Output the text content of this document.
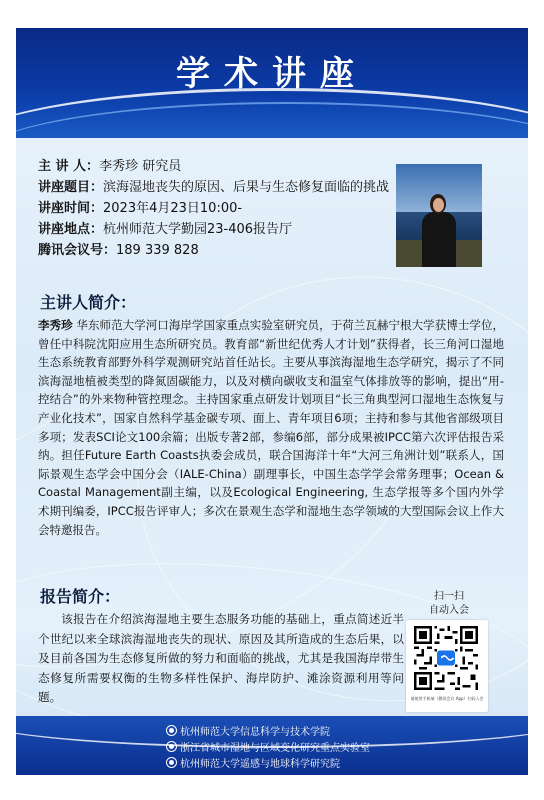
学术讲座
主 讲 人：李秀珍 研究员
讲座题目：滨海湿地丧失的原因、后果与生态修复面临的挑战
讲座时间：2023年4月23日10:00-
讲座地点：杭州师范大学勤园23-406报告厅
腾讯会议号：189 339 828
主讲人简介：
李秀珍 华东师范大学河口海岸学国家重点实验室研究员，于荷兰瓦赫宁根大学获博士学位，曾任中科院沈阳应用生态所研究员。教育部“新世纪优秀人才计划”获得者，长三角河口湿地生态系统教育部野外科学观测研究站首任站长。主要从事滨海湿地生态学研究，揭示了不同滨海湿地植被类型的降氮固碳能力，以及对横向碳收支和温室气体排放等的影响，提出“用-控结合”的外来物种管控理念。主持国家重点研发计划项目“长三角典型河口湿地生态恢复与产业化技术”，国家自然科学基金碳专项、面上、青年项目6项；主持和参与其他省部级项目多项；发表SCI论文100余篇；出版专著2部，参编6部，部分成果被IPCC第六次评估报告采纳。担任Future Earth Coasts执委会成员，联合国海洋十年“大河三角洲计划”联系人，国际景观生态学会中国分会（IALE-China）副理事长，中国生态学学会常务理事；Ocean & Coastal Management副主编，以及Ecological Engineering, 生态学报等多个国内外学术期刊编委，IPCC报告评审人；多次在景观生态学和湿地生态学领域的大型国际会议上作大会特邀报告。
报告简介：
该报告在介绍滨海湿地主要生态服务功能的基础上，重点简述近半个世纪以来全球滨海湿地丧失的现状、原因及其所造成的生态后果，以及目前各国为生态修复所做的努力和面临的挑战，尤其是我国海岸带生态修复所需要权衡的生物多样性保护、海岸防护、滩涂资源利用等问题。
扫一扫
自动入会
请使用手机端（腾讯会议 App）扫码入会
杭州师范大学信息科学与技术学院
浙江省城市湿地与区域变化研究重点实验室
杭州师范大学遥感与地球科学研究院
